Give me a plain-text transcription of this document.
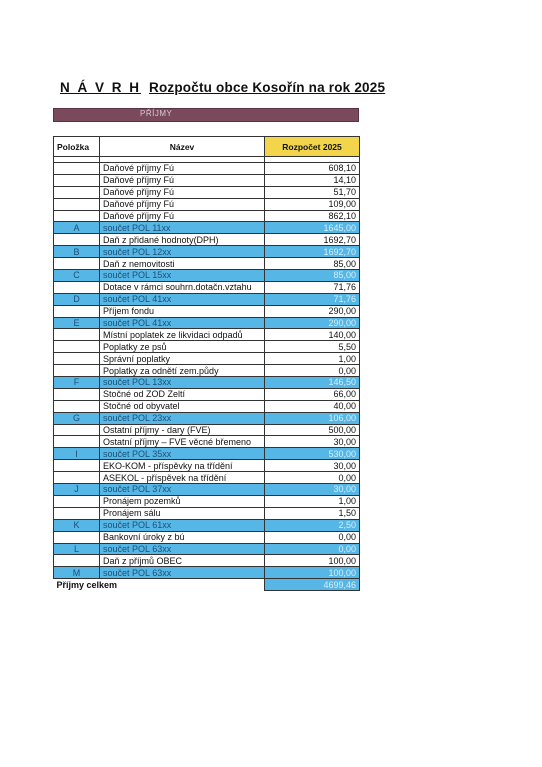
N Á V R H Rozpočtu obce Kosořín na rok 2025
PŘÍJMY
Položka	Název	Rozpočet 2025

	Daňové příjmy Fú	608,10
	Daňové příjmy Fú	14,10
	Daňové příjmy Fú	51,70
	Daňové příjmy Fú	109,00
	Daňové příjmy Fú	862,10
A	součet POL 11xx	1645,00
	Daň z přidané hodnoty(DPH)	1692,70
B	součet POL 12xx	1692,70
	Daň z nemovitosti	85,00
C	součet POL 15xx	85,00
	Dotace v rámci souhrn.dotačn.vztahu	71,76
D	součet POL 41xx	71,76
	Příjem fondu	290,00
E	součet POL 41xx	290,00
	Místní poplatek ze likvidaci odpadů	140,00
	Poplatky ze psů	5,50
	Správní poplatky	1,00
	Poplatky za odnětí zem.půdy	0,00
F	součet POL 13xx	146,50
	Stočné od ZOD Zeltí	66,00
	Stočné od obyvatel	40,00
G	součet POL 23xx	106,00
	Ostatní příjmy - dary (FVE)	500,00
	Ostatní příjmy – FVE věcné břemeno	30,00
I	součet POL 35xx	530,00
	EKO-KOM - příspěvky na třídění	30,00
	ASEKOL - příspěvek na třídění	0,00
J	součet POL 37xx	30,00
	Pronájem pozemků	1,00
	Pronájem sálu	1,50
K	součet POL 61xx	2,50
	Bankovní úroky z bú	0,00
L	součet POL 63xx	0,00
	Daň z příjmů OBEC	100,00
M	součet POL 63xx	100,00
Příjmy celkem		4699,46
